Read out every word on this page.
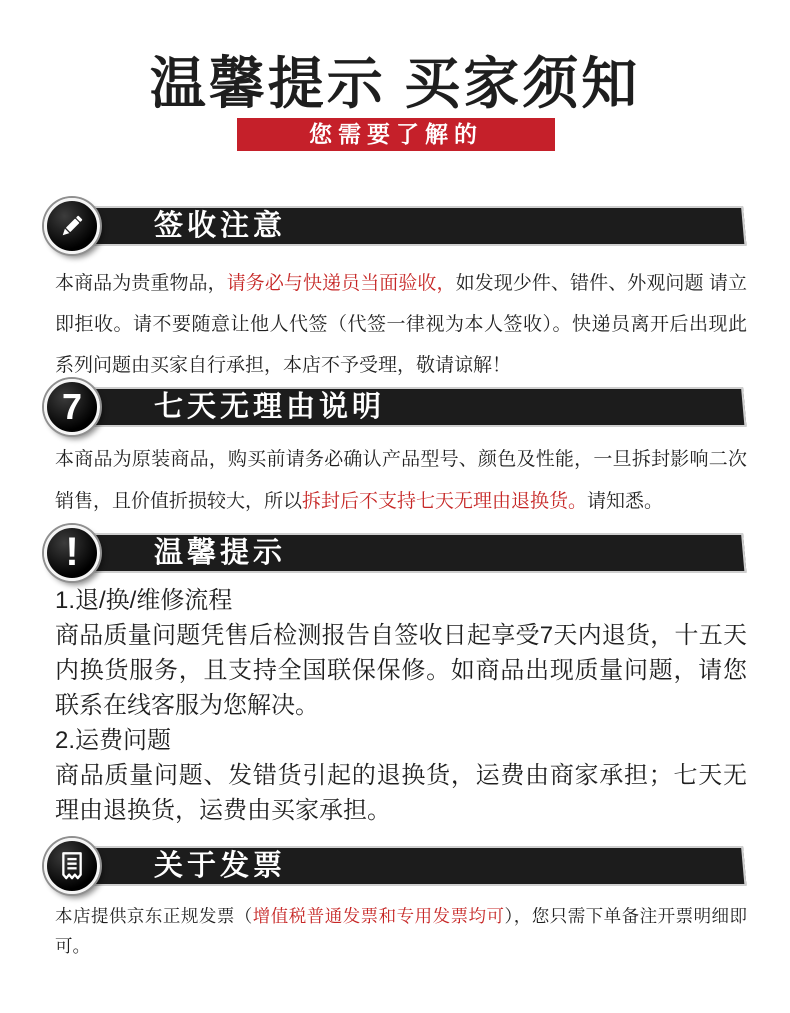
温馨提示 买家须知
您需要了解的
签收注意
本商品为贵重物品，请务必与快递员当面验收，如发现少件、错件、外观问题 请立即拒收。请不要随意让他人代签（代签一律视为本人签收）。快递员离开后出现此系列问题由买家自行承担，本店不予受理，敬请谅解！
7	七天无理由说明
本商品为原装商品，购买前请务必确认产品型号、颜色及性能，一旦拆封影响二次销售，且价值折损较大，所以拆封后不支持七天无理由退换货。请知悉。
!	温馨提示
1.退/换/维修流程
商品质量问题凭售后检测报告自签收日起享受7天内退货，十五天内换货服务，且支持全国联保保修。如商品出现质量问题，请您联系在线客服为您解决。
2.运费问题
商品质量问题、发错货引起的退换货，运费由商家承担；七天无理由退换货，运费由买家承担。
关于发票
本店提供京东正规发票（增值税普通发票和专用发票均可），您只需下单备注开票明细即可。
